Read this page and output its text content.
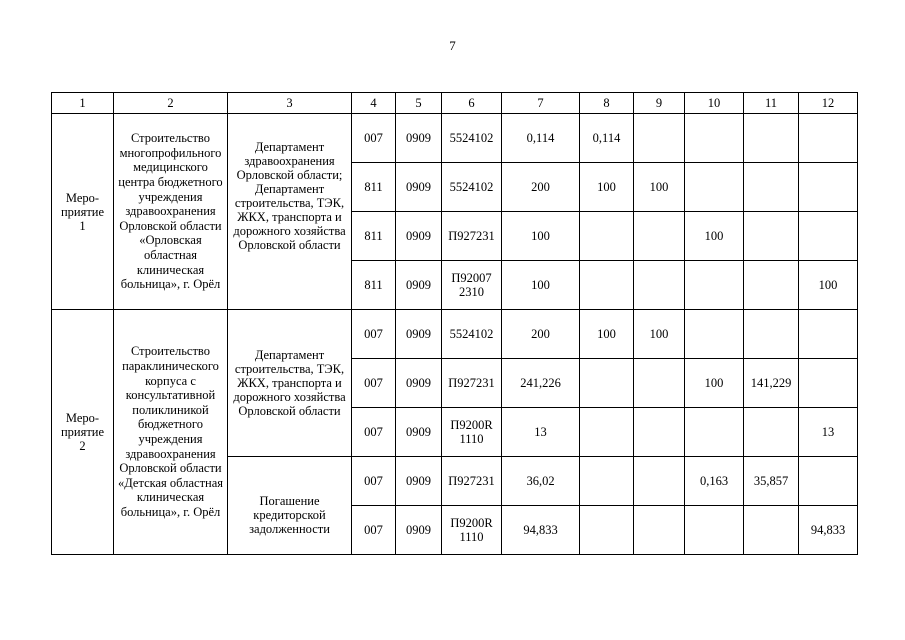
7
1	2	3	4	5	6	7	8	9	10	11	12

Меро-
приятие
1	Строительство многопрофильного медицинского центра бюджетного учреждения здравоохранения Орловской области «Орловская областная клиническая больница», г. Орёл	Департамент здравоохранения Орловской области; Департамент строительства, ТЭК, ЖКХ, транспорта и дорожного хозяйства Орловской области	007	0909	5524102	0,114	0,114				
			811	0909	5524102	200	100	100			
			811	0909	П927231	100			100		
			811	0909	П92007 2310	100					100

Меро-
приятие
2	Строительство параклинического корпуса с консультативной поликлиникой бюджетного учреждения здравоохранения Орловской области «Детская областная клиническая больница», г. Орёл	Департамент строительства, ТЭК, ЖКХ, транспорта и дорожного хозяйства Орловской области	007	0909	5524102	200	100	100			
			007	0909	П927231	241,226			100	141,229	
			007	0909	П9200R 1110	13					13
		Погашение кредиторской задолженности	007	0909	П927231	36,02			0,163	35,857	
			007	0909	П9200R 1110	94,833					94,833
